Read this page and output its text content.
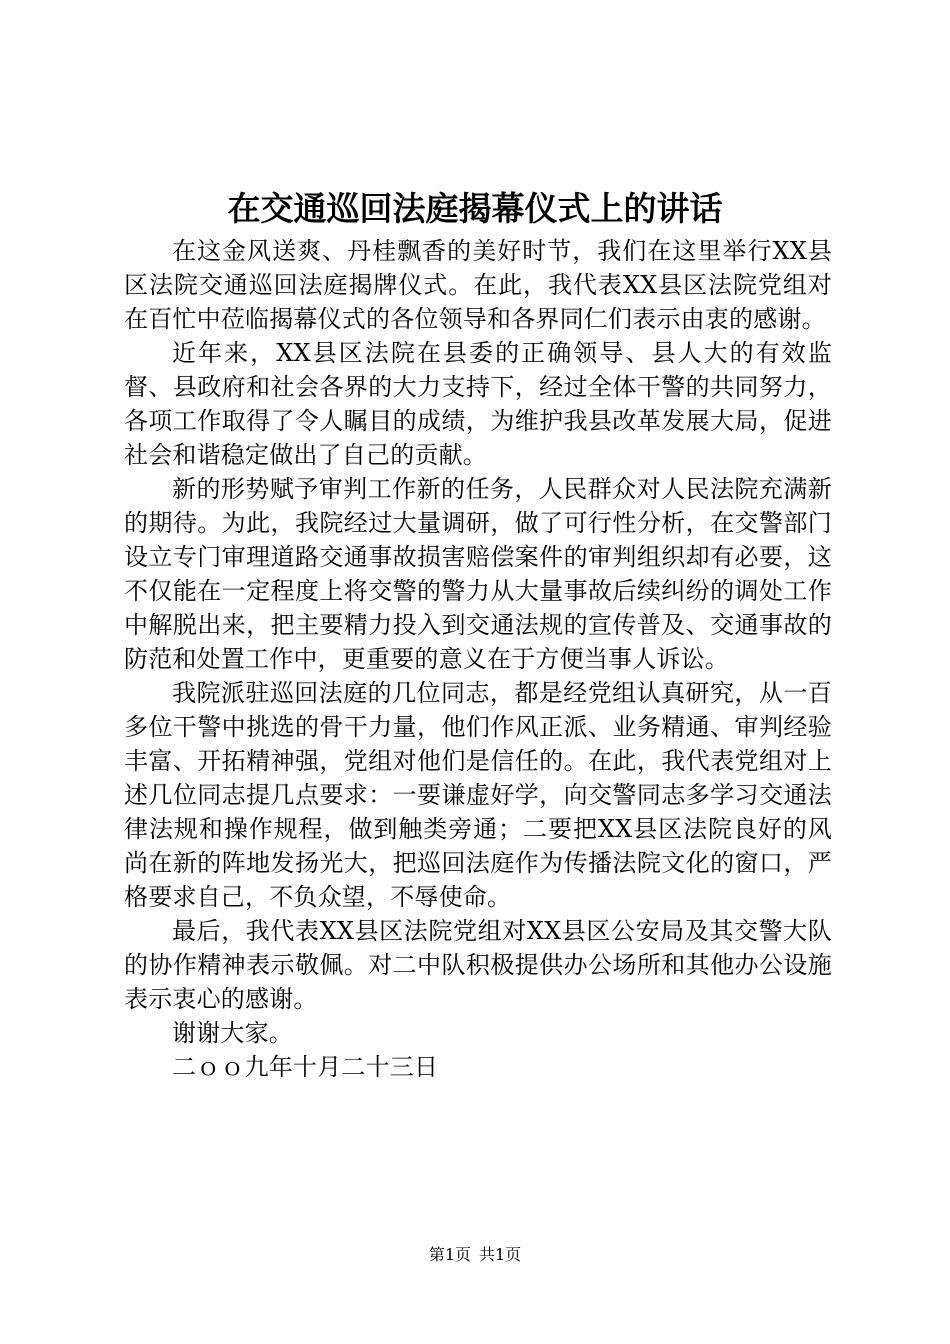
在交通巡回法庭揭幕仪式上的讲话

在这金风送爽、丹桂飘香的美好时节，我们在这里举行XX县区法院交通巡回法庭揭牌仪式。在此，我代表XX县区法院党组对在百忙中莅临揭幕仪式的各位领导和各界同仁们表示由衷的感谢。

近年来，XX县区法院在县委的正确领导、县人大的有效监督、县政府和社会各界的大力支持下，经过全体干警的共同努力，各项工作取得了令人瞩目的成绩，为维护我县改革发展大局，促进社会和谐稳定做出了自己的贡献。

新的形势赋予审判工作新的任务，人民群众对人民法院充满新的期待。为此，我院经过大量调研，做了可行性分析，在交警部门设立专门审理道路交通事故损害赔偿案件的审判组织却有必要，这不仅能在一定程度上将交警的警力从大量事故后续纠纷的调处工作中解脱出来，把主要精力投入到交通法规的宣传普及、交通事故的防范和处置工作中，更重要的意义在于方便当事人诉讼。

我院派驻巡回法庭的几位同志，都是经党组认真研究，从一百多位干警中挑选的骨干力量，他们作风正派、业务精通、审判经验丰富、开拓精神强，党组对他们是信任的。在此，我代表党组对上述几位同志提几点要求：一要谦虚好学，向交警同志多学习交通法律法规和操作规程，做到触类旁通；二要把XX县区法院良好的风尚在新的阵地发扬光大，把巡回法庭作为传播法院文化的窗口，严格要求自己，不负众望，不辱使命。

最后，我代表XX县区法院党组对XX县区公安局及其交警大队的协作精神表示敬佩。对二中队积极提供办公场所和其他办公设施表示衷心的感谢。

谢谢大家。

二ｏｏ九年十月二十三日

第1页 共1页
